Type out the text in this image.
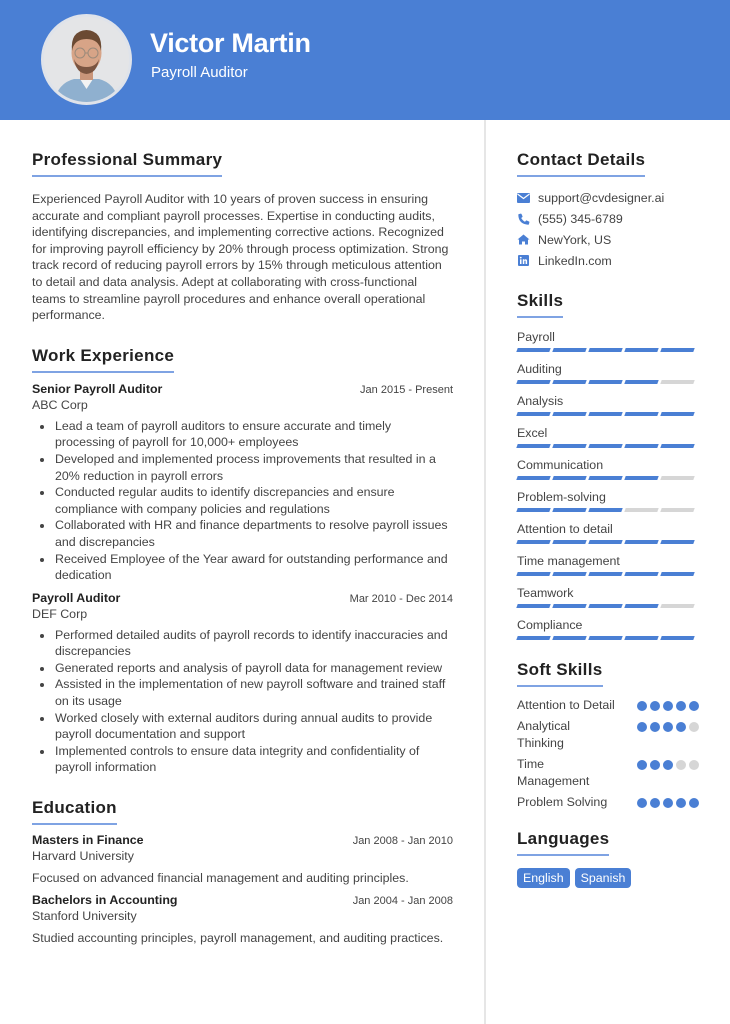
Victor Martin
Payroll Auditor
Professional Summary

Experienced Payroll Auditor with 10 years of proven success in ensuring accurate and compliant payroll processes. Expertise in conducting audits, identifying discrepancies, and implementing corrective actions. Recognized for improving payroll efficiency by 20% through process optimization. Strong track record of reducing payroll errors by 15% through meticulous attention to detail and data analysis. Adept at collaborating with cross-functional teams to streamline payroll procedures and enhance overall operational performance.

Work Experience
Senior Payroll Auditor	Jan 2015 - Present
ABC Corp
Lead a team of payroll auditors to ensure accurate and timely processing of payroll for 10,000+ employees
Developed and implemented process improvements that resulted in a 20% reduction in payroll errors
Conducted regular audits to identify discrepancies and ensure compliance with company policies and regulations
Collaborated with HR and finance departments to resolve payroll issues and discrepancies
Received Employee of the Year award for outstanding performance and dedication
Payroll Auditor	Mar 2010 - Dec 2014
DEF Corp
Performed detailed audits of payroll records to identify inaccuracies and discrepancies
Generated reports and analysis of payroll data for management review
Assisted in the implementation of new payroll software and trained staff on its usage
Worked closely with external auditors during annual audits to provide payroll documentation and support
Implemented controls to ensure data integrity and confidentiality of payroll information
Education
Masters in Finance	Jan 2008 - Jan 2010
Harvard University
Focused on advanced financial management and auditing principles.
Bachelors in Accounting	Jan 2004 - Jan 2008
Stanford University
Studied accounting principles, payroll management, and auditing practices.
Contact Details
support@cvdesigner.ai
(555) 345-6789
NewYork, US
LinkedIn.com
Skills
Payroll
Auditing
Analysis
Excel
Communication
Problem-solving
Attention to detail
Time management
Teamwork
Compliance
Soft Skills
Attention to Detail
Analytical Thinking
Time Management
Problem Solving
Languages
English	Spanish
